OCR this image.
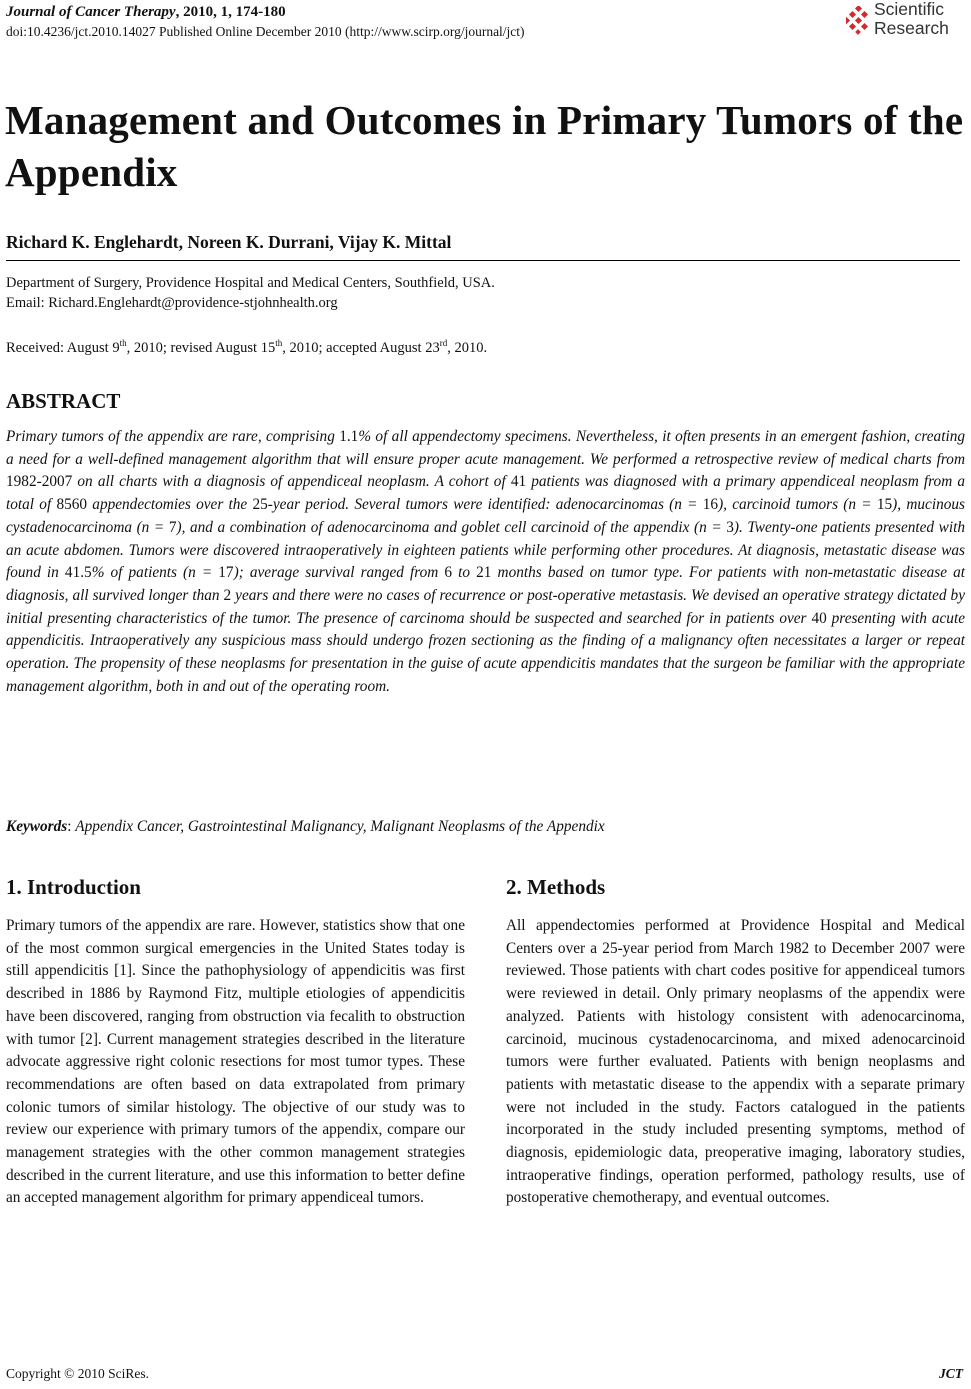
Journal of Cancer Therapy, 2010, 1, 174-180
doi:10.4236/jct.2010.14027 Published Online December 2010 (http://www.scirp.org/journal/jct)
Scientific
Research
Management and Outcomes in Primary Tumors of the Appendix
Richard K. Englehardt, Noreen K. Durrani, Vijay K. Mittal
Department of Surgery, Providence Hospital and Medical Centers, Southfield, USA.
Email: Richard.Englehardt@providence-stjohnhealth.org
Received: August 9th, 2010; revised August 15th, 2010; accepted August 23rd, 2010.
ABSTRACT

Primary tumors of the appendix are rare, comprising 1.1% of all appendectomy specimens. Nevertheless, it often presents in an emergent fashion, creating a need for a well-defined management algorithm that will ensure proper acute management. We performed a retrospective review of medical charts from 1982-2007 on all charts with a diagnosis of appendiceal neoplasm. A cohort of 41 patients was diagnosed with a primary appendiceal neoplasm from a total of 8560 appendectomies over the 25-year period. Several tumors were identified: adenocarcinomas (n = 16), carcinoid tumors (n = 15), mucinous cystadenocarcinoma (n = 7), and a combination of adenocarcinoma and goblet cell carcinoid of the appendix (n = 3). Twenty-one patients presented with an acute abdomen. Tumors were discovered intraoperatively in eighteen patients while performing other procedures. At diagnosis, metastatic disease was found in 41.5% of patients (n = 17); average survival ranged from 6 to 21 months based on tumor type. For patients with non-metastatic disease at diagnosis, all survived longer than 2 years and there were no cases of recurrence or post-operative metastasis. We devised an operative strategy dictated by initial presenting characteristics of the tumor. The presence of carcinoma should be suspected and searched for in patients over 40 presenting with acute appendicitis. Intraoperatively any suspicious mass should undergo frozen sectioning as the finding of a malignancy often necessitates a larger or repeat operation. The propensity of these neoplasms for presentation in the guise of acute appendicitis mandates that the surgeon be familiar with the appropriate management algorithm, both in and out of the operating room.

Keywords: Appendix Cancer, Gastrointestinal Malignancy, Malignant Neoplasms of the Appendix
1. Introduction

Primary tumors of the appendix are rare. However, statistics show that one of the most common surgical emergencies in the United States today is still appendicitis [1]. Since the pathophysiology of appendicitis was first described in 1886 by Raymond Fitz, multiple etiologies of appendicitis have been discovered, ranging from obstruction via fecalith to obstruction with tumor [2]. Current management strategies described in the literature advocate aggressive right colonic resections for most tumor types. These recommendations are often based on data extrapolated from primary colonic tumors of similar histology. The objective of our study was to review our experience with primary tumors of the appendix, compare our management strategies with the other common management strategies described in the current literature, and use this information to better define an accepted management algorithm for primary appendiceal tumors.

2. Methods

All appendectomies performed at Providence Hospital and Medical Centers over a 25-year period from March 1982 to December 2007 were reviewed. Those patients with chart codes positive for appendiceal tumors were reviewed in detail. Only primary neoplasms of the appendix were analyzed. Patients with histology consistent with adenocarcinoma, carcinoid, mucinous cystadenocarcinoma, and mixed adenocarcinoid tumors were further evaluated. Patients with benign neoplasms and patients with metastatic disease to the appendix with a separate primary were not included in the study. Factors catalogued in the patients incorporated in the study included presenting symptoms, method of diagnosis, epidemiologic data, preoperative imaging, laboratory studies, intraoperative findings, operation performed, pathology results, use of postoperative chemotherapy, and eventual outcomes.

Copyright © 2010 SciRes.	JCT
